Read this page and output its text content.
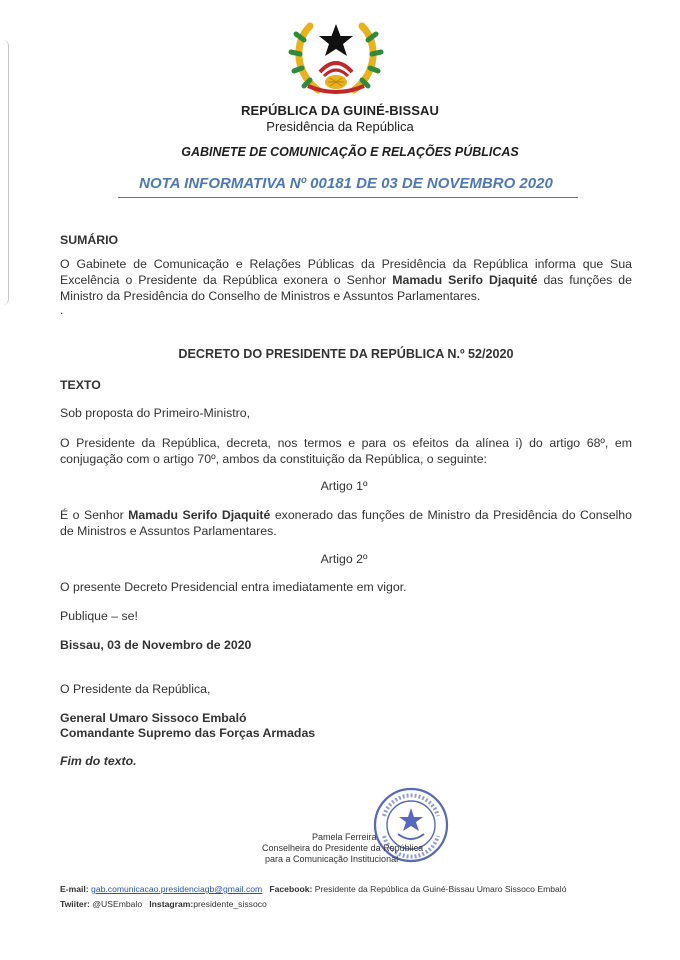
REPÚBLICA DA GUINÉ-BISSAU
Presidência da República
GABINETE DE COMUNICAÇÃO E RELAÇÕES PÚBLICAS
NOTA INFORMATIVA Nº 00181 DE 03 DE NOVEMBRO 2020
SUMÁRIO
O Gabinete de Comunicação e Relações Públicas da Presidência da República informa que Sua Excelência o Presidente da República exonera o Senhor Mamadu Serifo Djaquité das funções de Ministro da Presidência do Conselho de Ministros e Assuntos Parlamentares.
.
DECRETO DO PRESIDENTE DA REPÚBLICA N.º 52/2020
TEXTO
Sob proposta do Primeiro-Ministro,
O Presidente da República, decreta, nos termos e para os efeitos da alínea i) do artigo 68º, em conjugação com o artigo 70º, ambos da constituição da República, o seguinte:
Artigo 1º
É o Senhor Mamadu Serifo Djaquité exonerado das funções de Ministro da Presidência do Conselho de Ministros e Assuntos Parlamentares.
Artigo 2º
O presente Decreto Presidencial entra imediatamente em vigor.
Publique – se!
Bissau, 03 de Novembro de 2020
O Presidente da República,
General Umaro Sissoco Embaló
Comandante Supremo das Forças Armadas
Fim do texto.
Pamela Ferreira
Conselheira do Presidente da República
para a Comunicação Institucional
E-mail: gab.comunicacao.presidenciagb@gmail.com Facebook: Presidente da República da Guiné-Bissau Umaro Sissoco Embaló
Twiiter: @USEmbalo Instagram:presidente_sissoco
